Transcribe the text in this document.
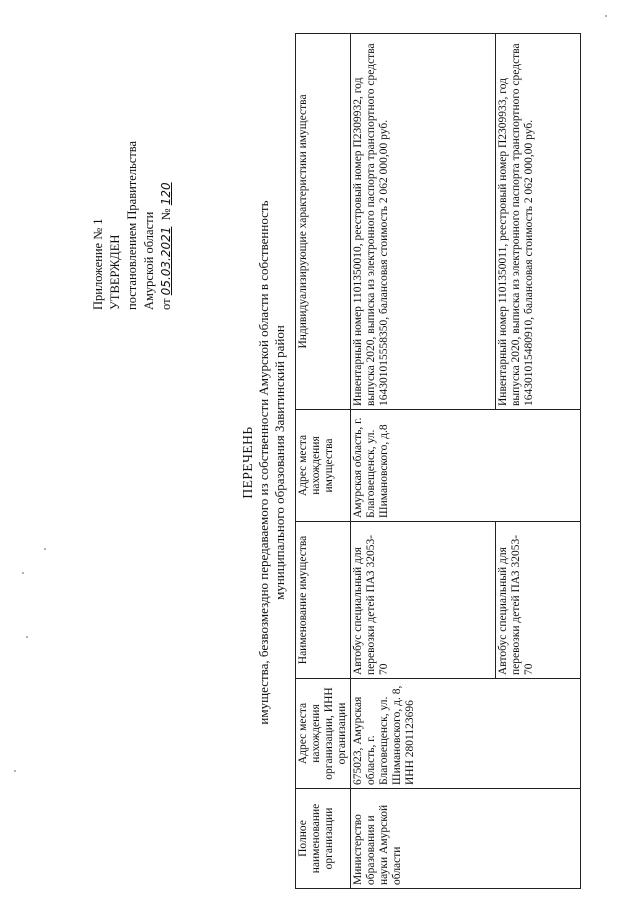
Приложение № 1 УТВЕРЖДЕН постановлением Правительства Амурской области от 05.03.2021  № 120
ПЕРЕЧЕНЬ имущества, безвозмездно передаваемого из собственности Амурской области в собственность муниципального образования Завитинский район
Полное наименование организации	Адрес места нахождения организации, ИНН организации	Наименование имущества	Адрес места нахождения имущества	Индивидуализирующие характеристики имущества
Министерство образования и науки Амурской области	675023, Амурская область, г. Благовещенск, ул. Шимановского, д. 8, ИНН 2801123696	Автобус специальный для перевозки детей ПАЗ 32053-70	Амурская область, г. Благовещенск, ул. Шимановского, д.8	Инвентарный номер 1101350010, реестровый номер П2309932, год выпуска 2020, выписка из электронного паспорта транспортного средства 164301015558350, балансовая стоимость 2 062 000,00 руб.
		Автобус специальный для перевозки детей ПАЗ 32053-70		Инвентарный номер 1101350011, реестровый номер П2309933, год выпуска 2020, выписка из электронного паспорта транспортного средства 164301015480910, балансовая стоимость 2 062 000,00 руб.
